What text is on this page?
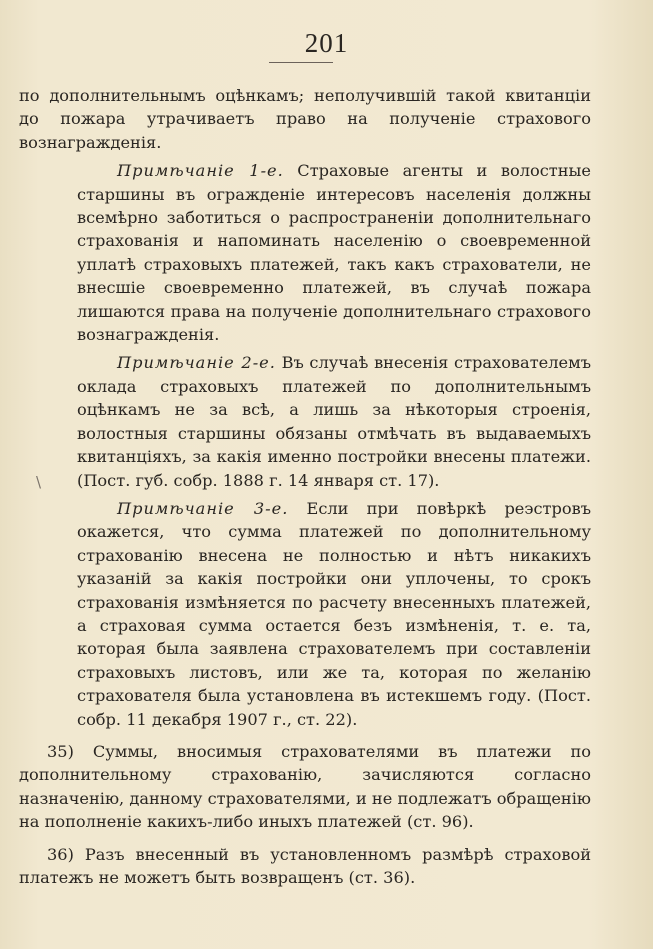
201
\

по дополнительнымъ оцѣнкамъ; неполучившій такой квитанціи до пожара утрачиваетъ право на полученіе страхового вознагражденія.

Примѣчаніе 1-е. Страховые агенты и волостные старшины въ огражденіе интересовъ населенія должны всемѣрно заботиться о распространеніи дополнительнаго страхованія и напоминать населенію о своевременной уплатѣ страховыхъ платежей, такъ какъ страхователи, не внесшіе своевременно платежей, въ случаѣ пожара лишаются права на полученіе дополнительнаго страхового вознагражденія.

Примѣчаніе 2-е. Въ случаѣ внесенія страхователемъ оклада страховыхъ платежей по дополнительнымъ оцѣнкамъ не за всѣ, а лишь за нѣкоторыя строенія, волостныя старшины обязаны отмѣчать въ выдаваемыхъ квитанціяхъ, за какія именно постройки внесены платежи. (Пост. губ. собр. 1888 г. 14 января ст. 17).

Примѣчаніе 3-е. Если при повѣркѣ реэстровъ окажется, что сумма платежей по дополнительному страхованію внесена не полностью и нѣтъ никакихъ указаній за какія постройки они уплочены, то срокъ страхованія измѣняется по расчету внесенныхъ платежей, а страховая сумма остается безъ измѣненія, т. е. та, которая была заявлена страхователемъ при составленіи страховыхъ листовъ, или же та, которая по желанію страхователя была установлена въ истекшемъ году. (Пост. собр. 11 декабря 1907 г., ст. 22).

35) Суммы, вносимыя страхователями въ платежи по дополнительному страхованію, зачисляются согласно назначенію, данному страхователями, и не подлежатъ обращенію на пополненіе какихъ-либо иныхъ платежей (ст. 96).

36) Разъ внесенный въ установленномъ размѣрѣ страховой платежъ не можетъ быть возвращенъ (ст. 36).
